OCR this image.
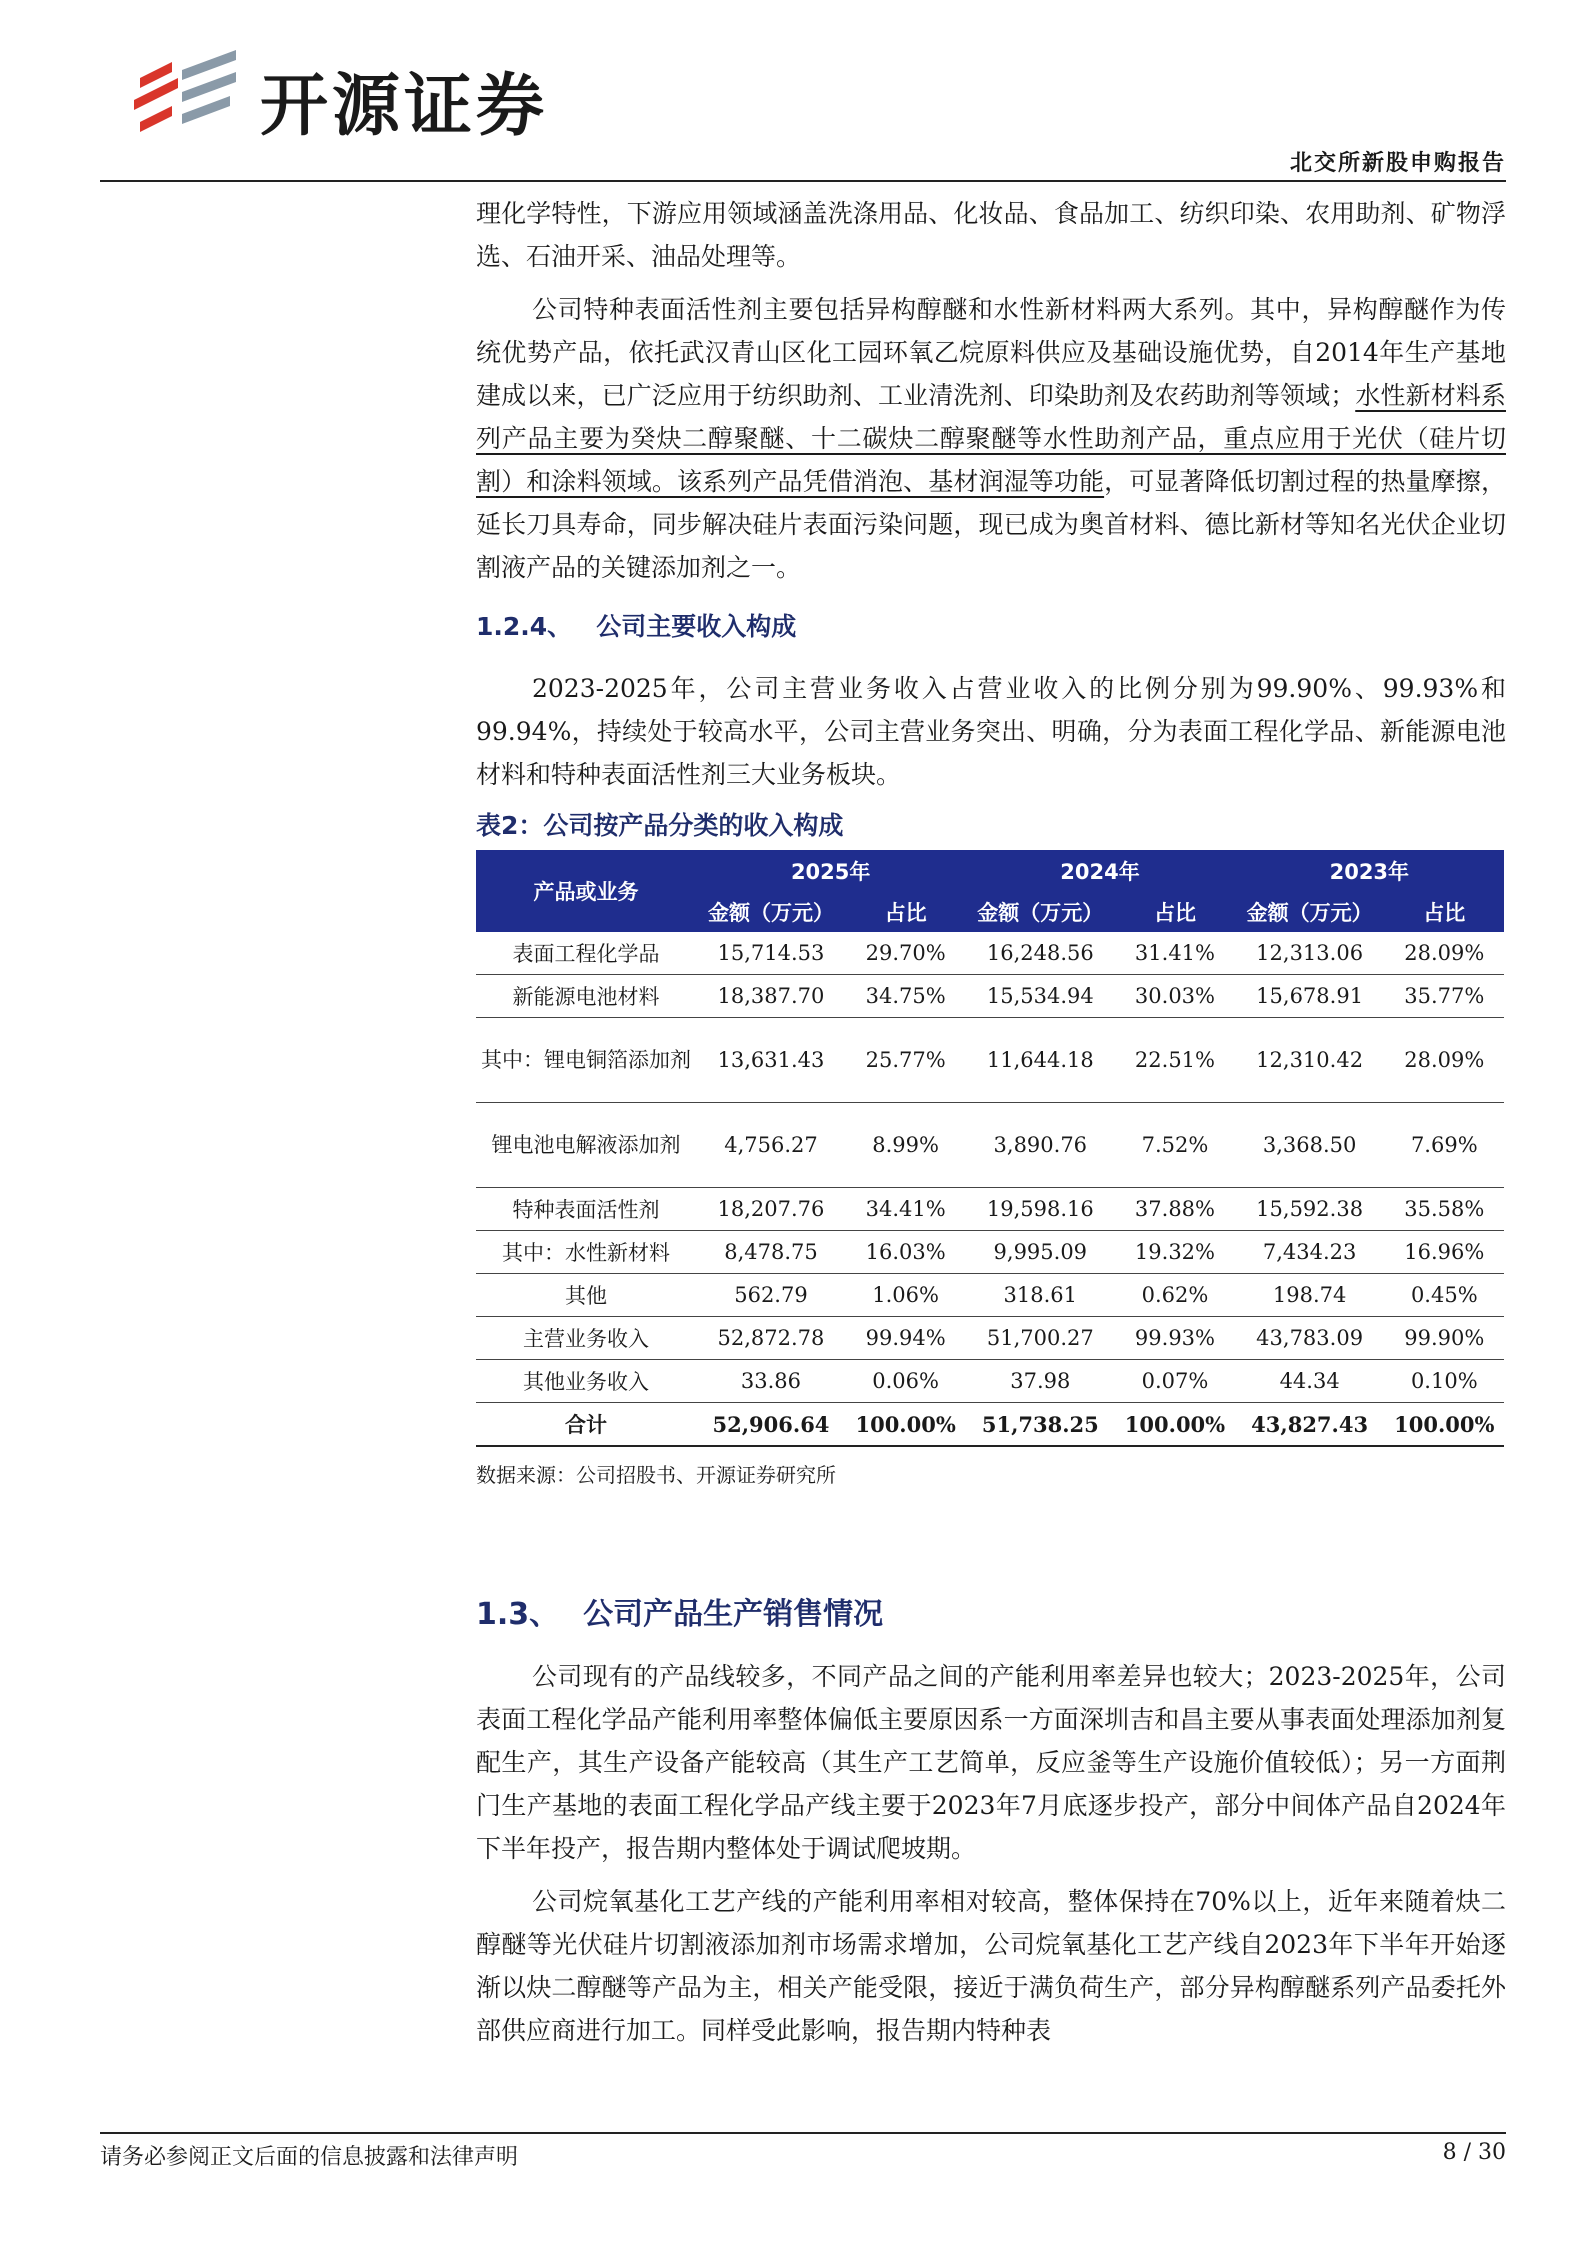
开源证券
北交所新股申购报告

理化学特性，下游应用领域涵盖洗涤用品、化妆品、食品加工、纺织印染、农用助剂、矿物浮选、石油开采、油品处理等。

公司特种表面活性剂主要包括异构醇醚和水性新材料两大系列。其中，异构醇醚作为传统优势产品，依托武汉青山区化工园环氧乙烷原料供应及基础设施优势，自2014年生产基地建成以来，已广泛应用于纺织助剂、工业清洗剂、印染助剂及农药助剂等领域；水性新材料系列产品主要为癸炔二醇聚醚、十二碳炔二醇聚醚等水性助剂产品，重点应用于光伏（硅片切割）和涂料领域。该系列产品凭借消泡、基材润湿等功能，可显著降低切割过程的热量摩擦，延长刀具寿命，同步解决硅片表面污染问题，现已成为奥首材料、德比新材等知名光伏企业切割液产品的关键添加剂之一。

1.2.4、 公司主要收入构成

2023-2025年，公司主营业务收入占营业收入的比例分别为99.90%、99.93%和99.94%，持续处于较高水平，公司主营业务突出、明确，分为表面工程化学品、新能源电池材料和特种表面活性剂三大业务板块。

表2：公司按产品分类的收入构成
产品或业务	2025年		2024年		2023年	
	金额（万元）	占比	金额（万元）	占比	金额（万元）	占比
表面工程化学品	15,714.53	29.70%	16,248.56	31.41%	12,313.06	28.09%
新能源电池材料	18,387.70	34.75%	15,534.94	30.03%	15,678.91	35.77%
其中：锂电铜箔添加剂	13,631.43	25.77%	11,644.18	22.51%	12,310.42	28.09%
锂电池电解液添加剂	4,756.27	8.99%	3,890.76	7.52%	3,368.50	7.69%
特种表面活性剂	18,207.76	34.41%	19,598.16	37.88%	15,592.38	35.58%
其中：水性新材料	8,478.75	16.03%	9,995.09	19.32%	7,434.23	16.96%
其他	562.79	1.06%	318.61	0.62%	198.74	0.45%
主营业务收入	52,872.78	99.94%	51,700.27	99.93%	43,783.09	99.90%
其他业务收入	33.86	0.06%	37.98	0.07%	44.34	0.10%
合计	52,906.64	100.00%	51,738.25	100.00%	43,827.43	100.00%
数据来源：公司招股书、开源证券研究所
1.3、 公司产品生产销售情况

公司现有的产品线较多，不同产品之间的产能利用率差异也较大；2023-2025年，公司表面工程化学品产能利用率整体偏低主要原因系一方面深圳吉和昌主要从事表面处理添加剂复配生产，其生产设备产能较高（其生产工艺简单，反应釜等生产设施价值较低）；另一方面荆门生产基地的表面工程化学品产线主要于2023年7月底逐步投产，部分中间体产品自2024年下半年投产，报告期内整体处于调试爬坡期。

公司烷氧基化工艺产线的产能利用率相对较高，整体保持在70%以上，近年来随着炔二醇醚等光伏硅片切割液添加剂市场需求增加，公司烷氧基化工艺产线自2023年下半年开始逐渐以炔二醇醚等产品为主，相关产能受限，接近于满负荷生产，部分异构醇醚系列产品委托外部供应商进行加工。同样受此影响，报告期内特种表

请务必参阅正文后面的信息披露和法律声明	8 / 30
